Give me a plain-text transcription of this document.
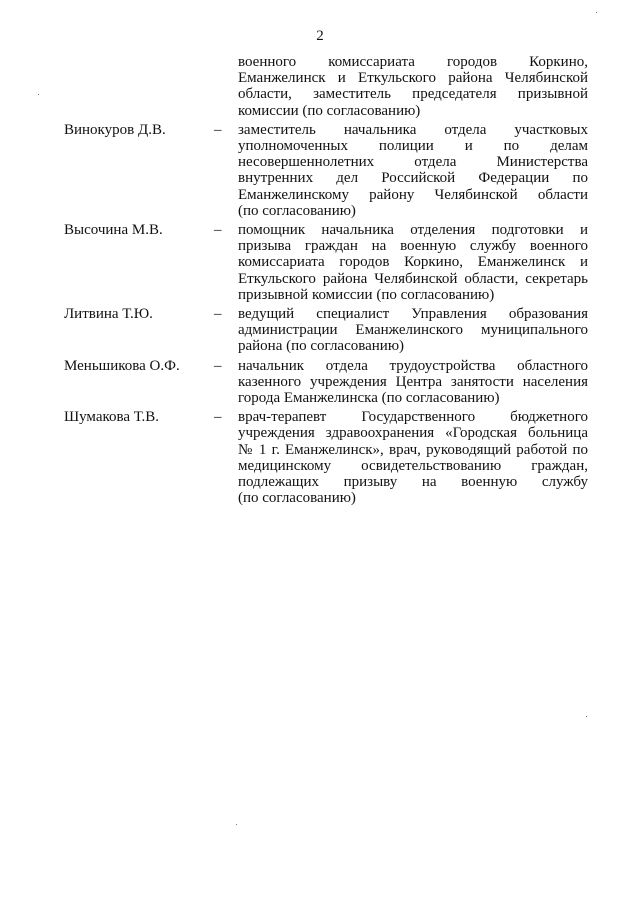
2
военного комиссариата городов Коркино,
Еманжелинск и Еткульского района Челябинской
области, заместитель председателя призывной
комиссии (по согласованию)
Винокуров Д.В.	–	заместитель начальника отдела участковых
уполномоченных полиции и по делам
несовершеннолетних отдела Министерства
внутренних дел Российской Федерации по
Еманжелинскому району Челябинской области
(по согласованию)
Высочина М.В.	–	помощник начальника отделения подготовки и
призыва граждан на военную службу военного
комиссариата городов Коркино, Еманжелинск и
Еткульского района Челябинской области, секретарь
призывной комиссии (по согласованию)
Литвина Т.Ю.	–	ведущий специалист Управления образования
администрации Еманжелинского муниципального
района (по согласованию)
Меньшикова О.Ф.	–	начальник отдела трудоустройства областного
казенного учреждения Центра занятости населения
города Еманжелинска (по согласованию)
Шумакова Т.В.	–	врач-терапевт Государственного бюджетного
учреждения здравоохранения «Городская больница
№ 1 г. Еманжелинск», врач, руководящий работой по
медицинскому освидетельствованию граждан,
подлежащих призыву на военную службу
(по согласованию)
